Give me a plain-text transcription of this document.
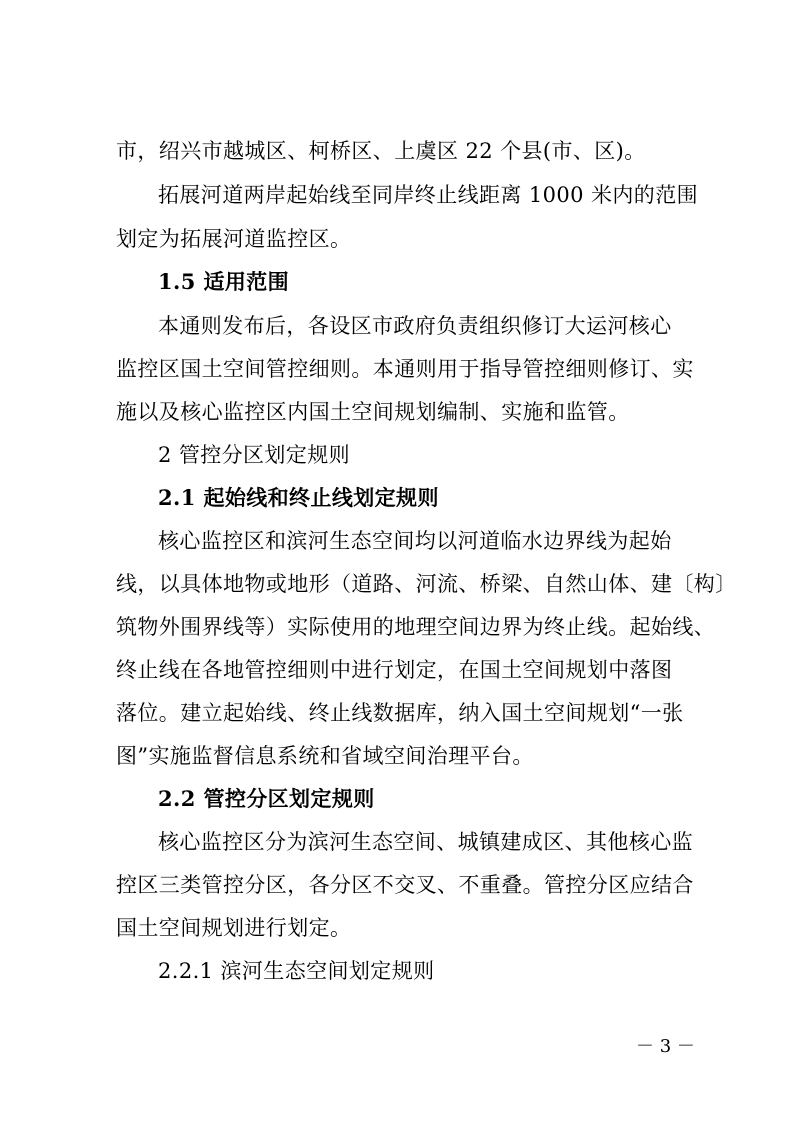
市，绍兴市越城区、柯桥区、上虞区 22 个县(市、区)。
拓展河道两岸起始线至同岸终止线距离 1000 米内的范围
划定为拓展河道监控区。
1.5 适用范围
本通则发布后，各设区市政府负责组织修订大运河核心
监控区国土空间管控细则。本通则用于指导管控细则修订、实
施以及核心监控区内国土空间规划编制、实施和监管。
2 管控分区划定规则
2.1 起始线和终止线划定规则
核心监控区和滨河生态空间均以河道临水边界线为起始
线，以具体地物或地形（道路、河流、桥梁、自然山体、建〔构〕
筑物外围界线等）实际使用的地理空间边界为终止线。起始线、
终止线在各地管控细则中进行划定，在国土空间规划中落图
落位。建立起始线、终止线数据库，纳入国土空间规划“一张
图”实施监督信息系统和省域空间治理平台。
2.2 管控分区划定规则
核心监控区分为滨河生态空间、城镇建成区、其他核心监
控区三类管控分区，各分区不交叉、不重叠。管控分区应结合
国土空间规划进行划定。
2.2.1 滨河生态空间划定规则
－ 3 －
